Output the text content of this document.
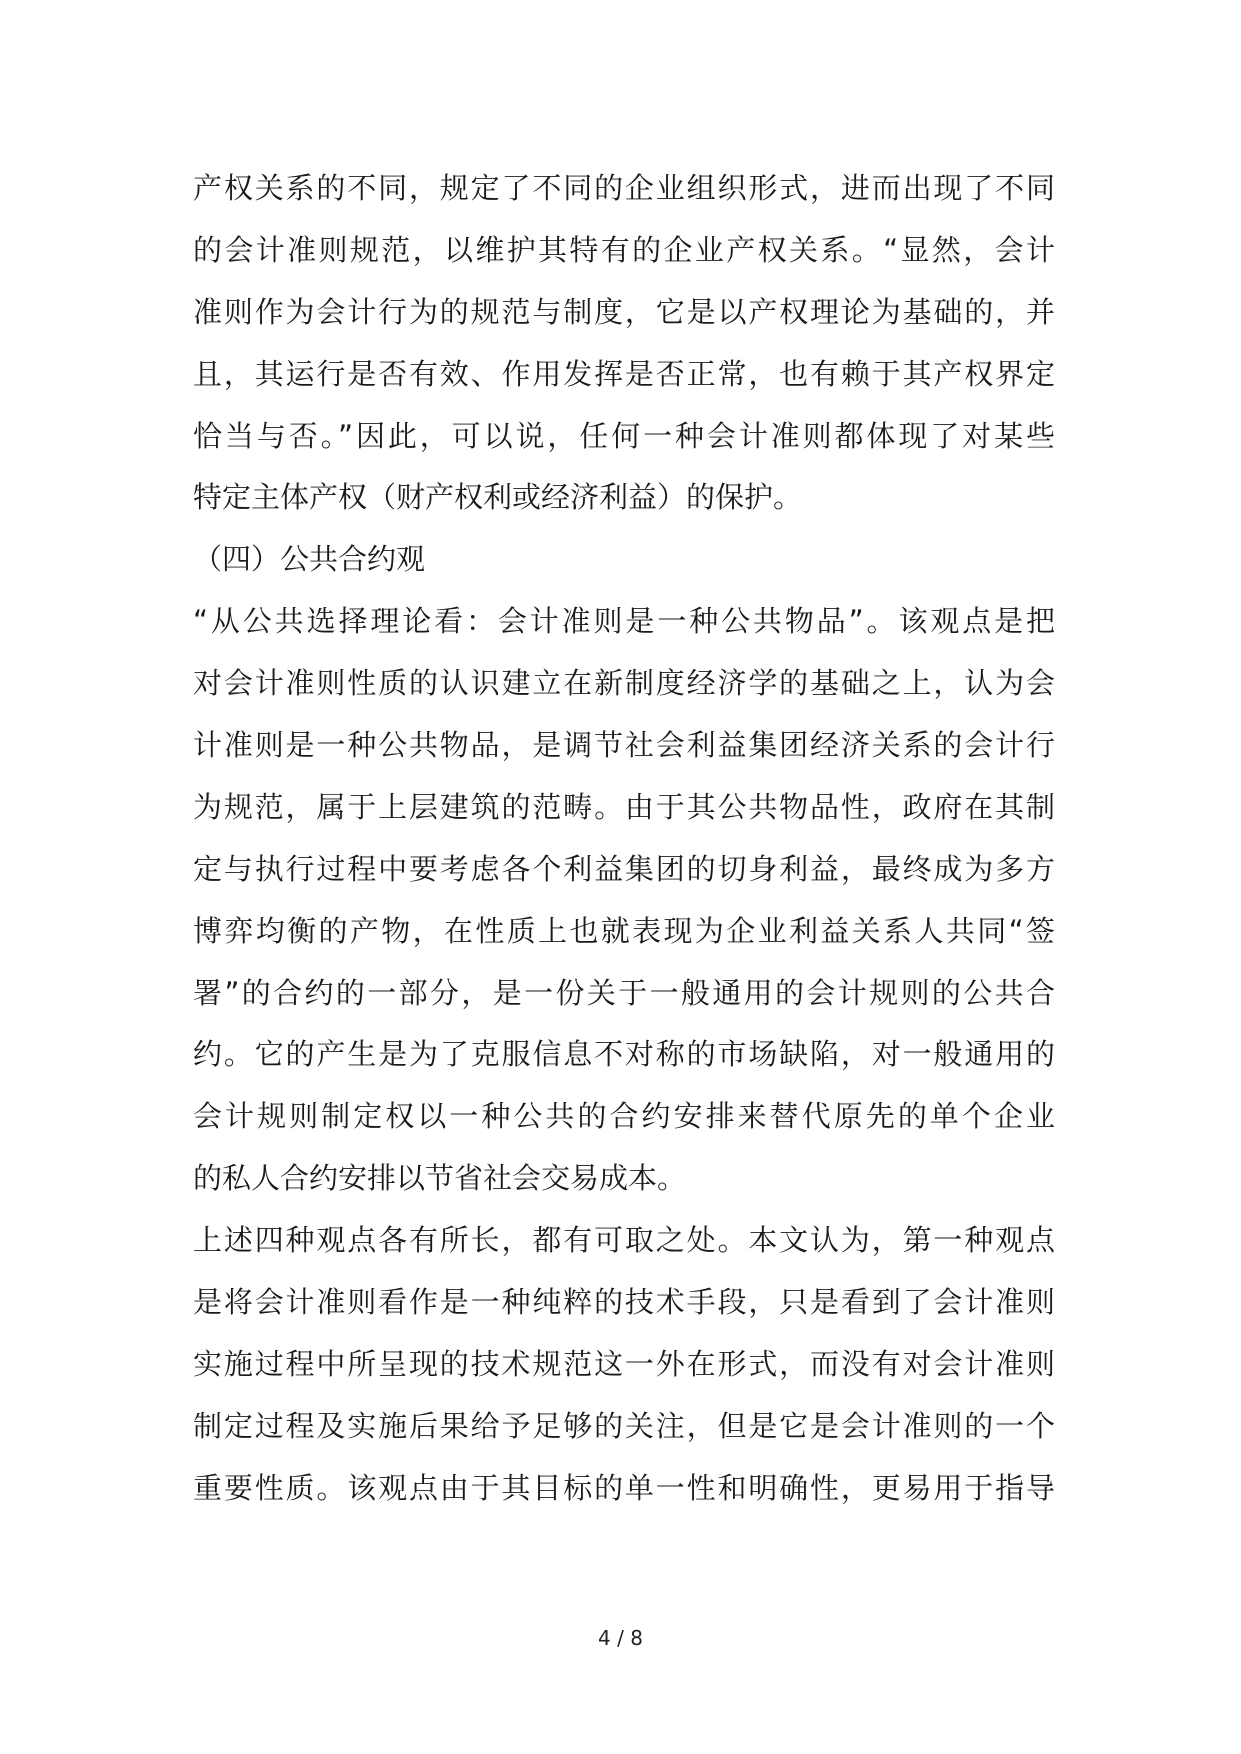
产权关系的不同，规定了不同的企业组织形式，进而出现了不同
的会计准则规范，以维护其特有的企业产权关系。“显然，会计
准则作为会计行为的规范与制度，它是以产权理论为基础的，并
且，其运行是否有效、作用发挥是否正常，也有赖于其产权界定
恰当与否。”因此，可以说，任何一种会计准则都体现了对某些
特定主体产权（财产权利或经济利益）的保护。
（四）公共合约观
“从公共选择理论看：会计准则是一种公共物品”。该观点是把
对会计准则性质的认识建立在新制度经济学的基础之上，认为会
计准则是一种公共物品，是调节社会利益集团经济关系的会计行
为规范，属于上层建筑的范畴。由于其公共物品性，政府在其制
定与执行过程中要考虑各个利益集团的切身利益，最终成为多方
博弈均衡的产物，在性质上也就表现为企业利益关系人共同“签
署”的合约的一部分，是一份关于一般通用的会计规则的公共合
约。它的产生是为了克服信息不对称的市场缺陷，对一般通用的
会计规则制定权以一种公共的合约安排来替代原先的单个企业
的私人合约安排以节省社会交易成本。
上述四种观点各有所长，都有可取之处。本文认为，第一种观点
是将会计准则看作是一种纯粹的技术手段，只是看到了会计准则
实施过程中所呈现的技术规范这一外在形式，而没有对会计准则
制定过程及实施后果给予足够的关注，但是它是会计准则的一个
重要性质。该观点由于其目标的单一性和明确性，更易用于指导
4 / 8
